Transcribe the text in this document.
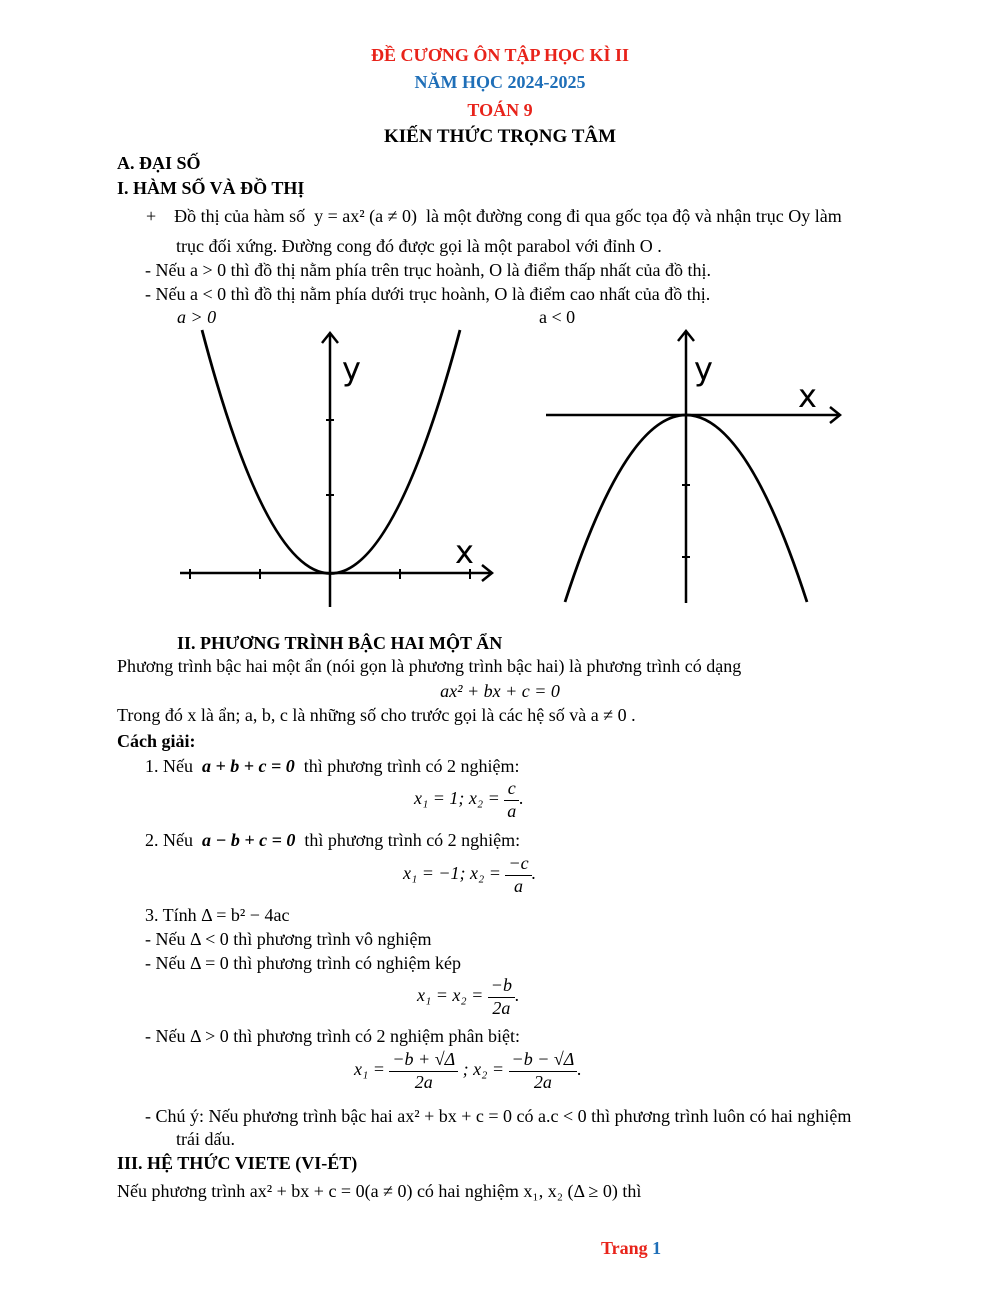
ĐỀ CƯƠNG ÔN TẬP HỌC KÌ II
NĂM HỌC 2024-2025
TOÁN 9
KIẾN THỨC TRỌNG TÂM
A. ĐẠI SỐ
I. HÀM SỐ VÀ ĐỒ THỊ
+ Đồ thị của hàm số y = ax² (a ≠ 0) là một đường cong đi qua gốc tọa độ và nhận trục Oy làm
trục đối xứng. Đường cong đó được gọi là một parabol với đỉnh O .
- Nếu a > 0 thì đồ thị nằm phía trên trục hoành, O là điểm thấp nhất của đồ thị.
- Nếu a < 0 thì đồ thị nằm phía dưới trục hoành, O là điểm cao nhất của đồ thị.
a > 0	a < 0
y
x
y
x
II. PHƯƠNG TRÌNH BẬC HAI MỘT ẨN
Phương trình bậc hai một ẩn (nói gọn là phương trình bậc hai) là phương trình có dạng
ax² + bx + c = 0
Trong đó x là ẩn; a, b, c là những số cho trước gọi là các hệ số và a ≠ 0 .
Cách giải:
1. Nếu a + b + c = 0 thì phương trình có 2 nghiệm:
x₁ = 1; $x_2 = \frac{c}{a}$ .
2. Nếu a − b + c = 0 thì phương trình có 2 nghiệm:
x₁ = −1; $x_2 = \frac{-c}{a}$ .
3. Tính Δ = b² − 4ac
- Nếu Δ < 0 thì phương trình vô nghiệm
- Nếu Δ = 0 thì phương trình có nghiệm kép
$x_1 = x_2 = \frac{-b}{2a}$ .
- Nếu Δ > 0 thì phương trình có 2 nghiệm phân biệt:
$x_1 = \frac{-b + √\Delta}{2a}$ ; $x_2 = \frac{-b - √\Delta}{2a}$ .
- Chú ý: Nếu phương trình bậc hai ax² + bx + c = 0 có a.c < 0 thì phương trình luôn có hai nghiệm
trái dấu.
III. HỆ THỨC VIETE (VI-ÉT)
Nếu phương trình ax² + bx + c = 0(a ≠ 0) có hai nghiệm x₁, x₂ (Δ ≥ 0) thì
Trang 1
